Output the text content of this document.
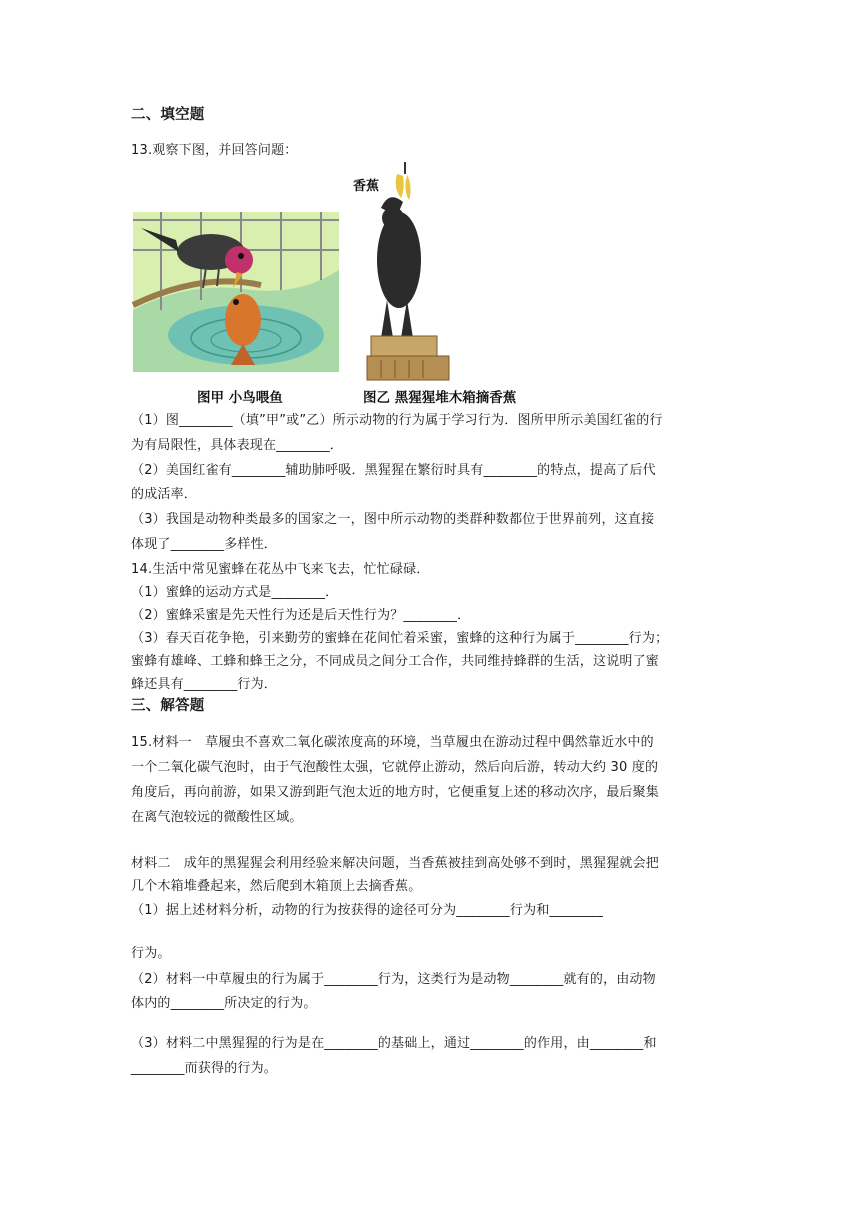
二、填空题
13.观察下图，并回答问题：
香蕉
图甲 小鸟喂鱼	图乙 黑猩猩堆木箱摘香蕉
（1）图________（填”甲”或”乙）所示动物的行为属于学习行为．图所甲所示美国红雀的行
为有局限性，具体表现在________．
（2）美国红雀有________辅助肺呼吸．黑猩猩在繁衍时具有________的特点，提高了后代
的成活率．
（3）我国是动物种类最多的国家之一，图中所示动物的类群种数都位于世界前列，这直接
体现了________多样性．
14.生活中常见蜜蜂在花丛中飞来飞去，忙忙碌碌．
（1）蜜蜂的运动方式是________．
（2）蜜蜂采蜜是先天性行为还是后天性行为？________．
（3）春天百花争艳，引来勤劳的蜜蜂在花间忙着采蜜，蜜蜂的这种行为属于________行为；
蜜蜂有雄峰、工蜂和蜂王之分，不同成员之间分工合作，共同维持蜂群的生活，这说明了蜜
蜂还具有________行为．
三、解答题
15.材料一　草履虫不喜欢二氧化碳浓度高的环境，当草履虫在游动过程中偶然靠近水中的
一个二氧化碳气泡时，由于气泡酸性太强，它就停止游动，然后向后游，转动大约 30 度的
角度后，再向前游，如果又游到距气泡太近的地方时，它便重复上述的移动次序，最后聚集
在离气泡较远的微酸性区域。
材料二　成年的黑猩猩会利用经验来解决问题，当香蕉被挂到高处够不到时，黑猩猩就会把
几个木箱堆叠起来，然后爬到木箱顶上去摘香蕉。
（1）据上述材料分析，动物的行为按获得的途径可分为________行为和________
行为。
（2）材料一中草履虫的行为属于________行为，这类行为是动物________就有的，由动物
体内的________所决定的行为。
（3）材料二中黑猩猩的行为是在________的基础上，通过________的作用，由________和
________而获得的行为。
